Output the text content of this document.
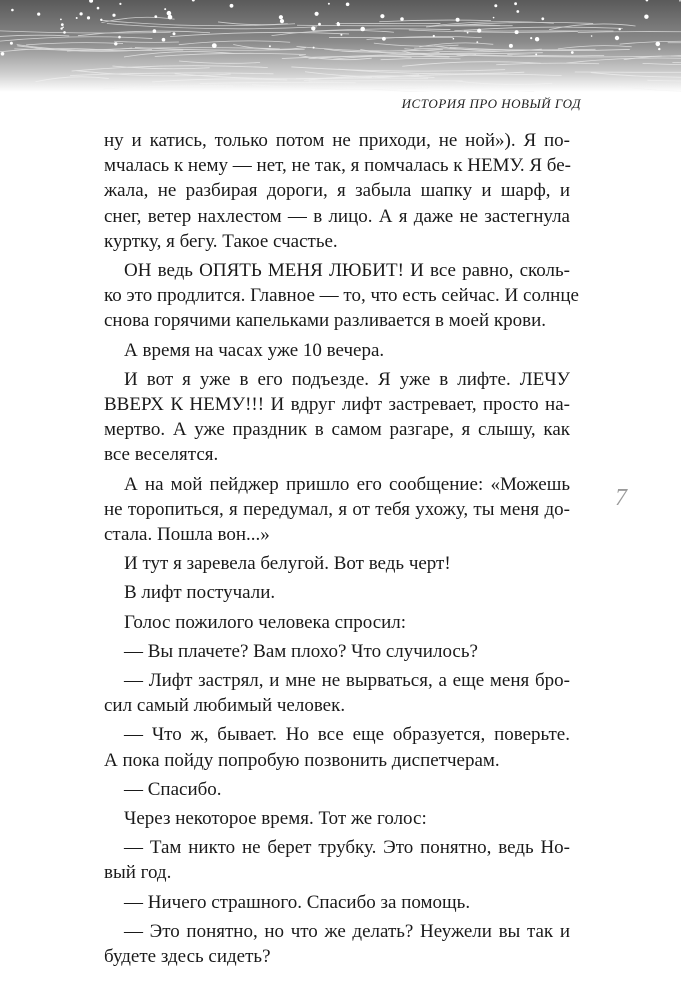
ИСТОРИЯ ПРО НОВЫЙ ГОД
ну и катись, только потом не приходи, не ной»). Я по-
мчалась к нему — нет, не так, я помчалась к НЕМУ. Я бе-
жала, не разбирая дороги, я забыла шапку и шарф, и
снег, ветер нахлестом — в лицо. А я даже не застегнула
куртку, я бегу. Такое счастье.
ОН ведь ОПЯТЬ МЕНЯ ЛЮБИТ! И все равно, сколь-
ко это продлится. Главное — то, что есть сейчас. И солнце
снова горячими капельками разливается в моей крови.
А время на часах уже 10 вечера.
И вот я уже в его подъезде. Я уже в лифте. ЛЕЧУ
ВВЕРХ К НЕМУ!!! И вдруг лифт застревает, просто на-
мертво. А уже праздник в самом разгаре, я слышу, как
все веселятся.
А на мой пейджер пришло его сообщение: «Можешь
не торопиться, я передумал, я от тебя ухожу, ты меня до-
стала. Пошла вон...»
И тут я заревела белугой. Вот ведь черт!
В лифт постучали.
Голос пожилого человека спросил:
— Вы плачете? Вам плохо? Что случилось?
— Лифт застрял, и мне не вырваться, а еще меня бро-
сил самый любимый человек.
— Что ж, бывает. Но все еще образуется, поверьте.
А пока пойду попробую позвонить диспетчерам.
— Спасибо.
Через некоторое время. Тот же голос:
— Там никто не берет трубку. Это понятно, ведь Но-
вый год.
— Ничего страшного. Спасибо за помощь.
— Это понятно, но что же делать? Неужели вы так и
будете здесь сидеть?
7
